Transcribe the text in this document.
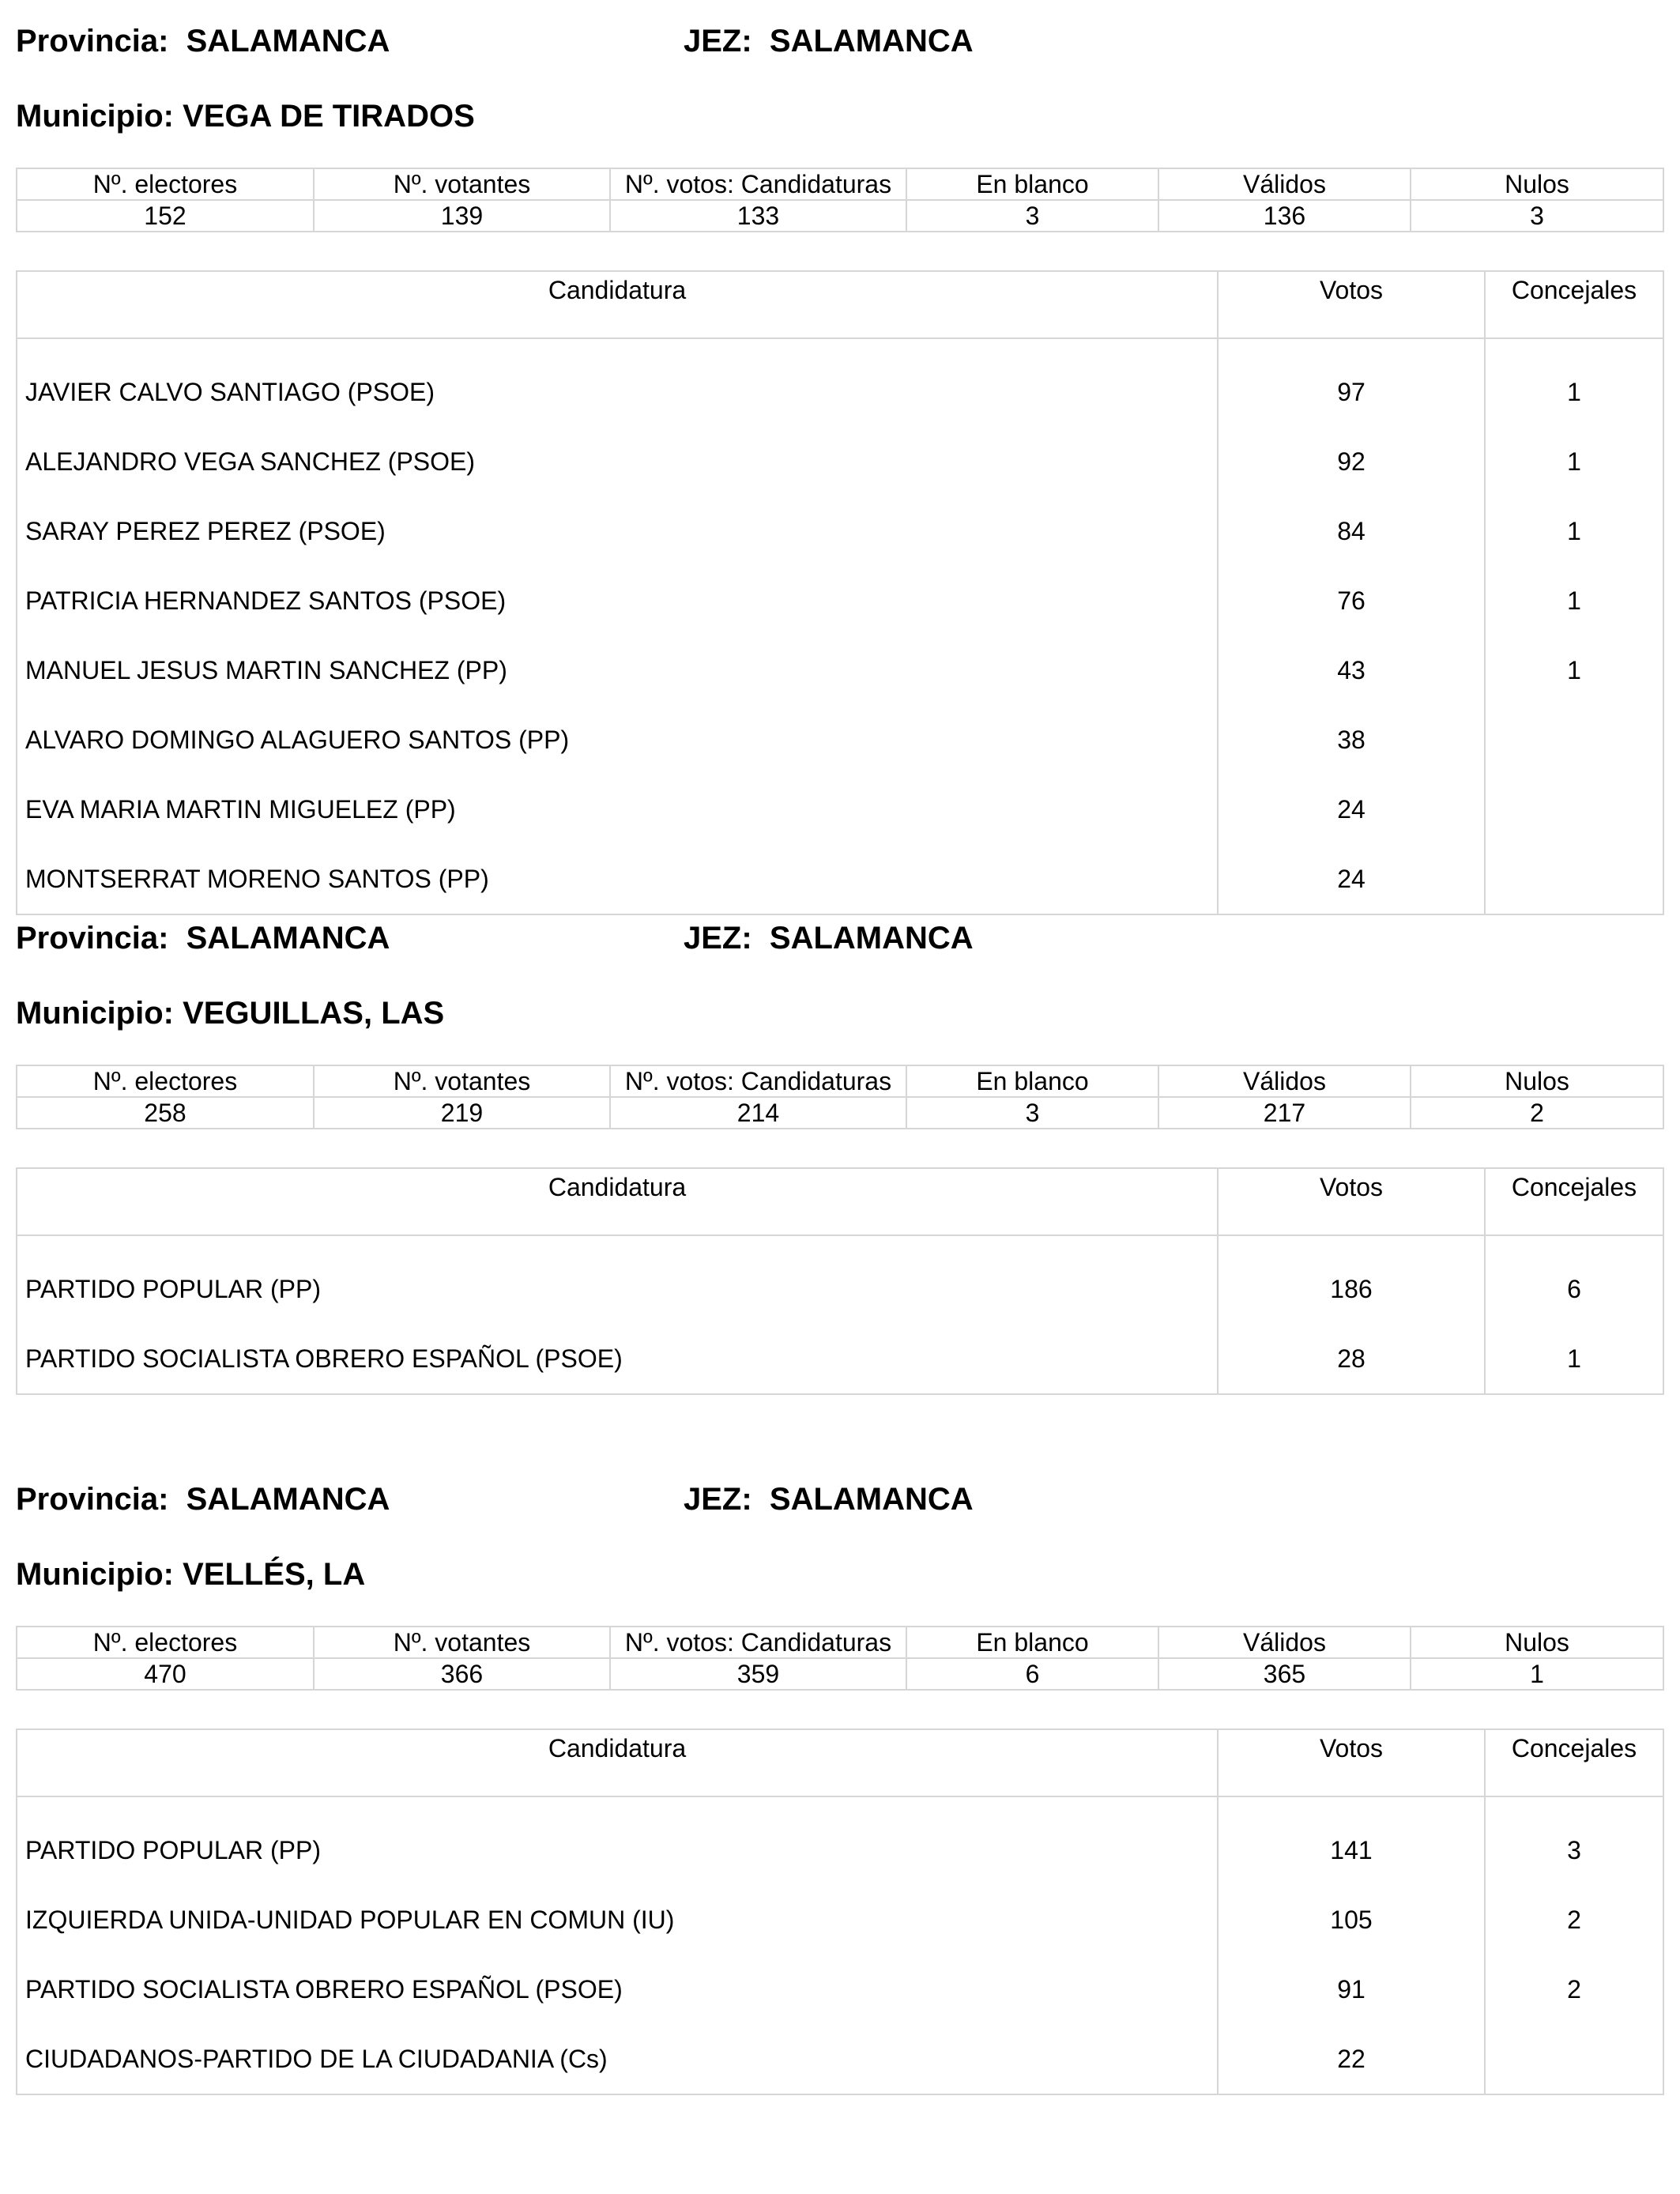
Provincia:  SALAMANCA	JEZ:  SALAMANCA
Municipio: VEGA DE TIRADOS
Nº. electores	Nº. votantes	Nº. votos: Candidaturas	En blanco	Válidos	Nulos
152	139	133	3	136	3
Candidatura	Votos	Concejales
JAVIER CALVO SANTIAGO (PSOE)	97	1
ALEJANDRO VEGA SANCHEZ (PSOE)	92	1
SARAY PEREZ PEREZ (PSOE)	84	1
PATRICIA HERNANDEZ SANTOS (PSOE)	76	1
MANUEL JESUS MARTIN SANCHEZ (PP)	43	1
ALVARO DOMINGO ALAGUERO SANTOS (PP)	38	
EVA MARIA MARTIN MIGUELEZ (PP)	24	
MONTSERRAT MORENO SANTOS (PP)	24	
Provincia:  SALAMANCA	JEZ:  SALAMANCA
Municipio: VEGUILLAS, LAS
Nº. electores	Nº. votantes	Nº. votos: Candidaturas	En blanco	Válidos	Nulos
258	219	214	3	217	2
Candidatura	Votos	Concejales
PARTIDO POPULAR (PP)	186	6
PARTIDO SOCIALISTA OBRERO ESPAÑOL (PSOE)	28	1
Provincia:  SALAMANCA	JEZ:  SALAMANCA
Municipio: VELLÉS, LA
Nº. electores	Nº. votantes	Nº. votos: Candidaturas	En blanco	Válidos	Nulos
470	366	359	6	365	1
Candidatura	Votos	Concejales
PARTIDO POPULAR (PP)	141	3
IZQUIERDA UNIDA-UNIDAD POPULAR EN COMUN (IU)	105	2
PARTIDO SOCIALISTA OBRERO ESPAÑOL (PSOE)	91	2
CIUDADANOS-PARTIDO DE LA CIUDADANIA (Cs)	22	
